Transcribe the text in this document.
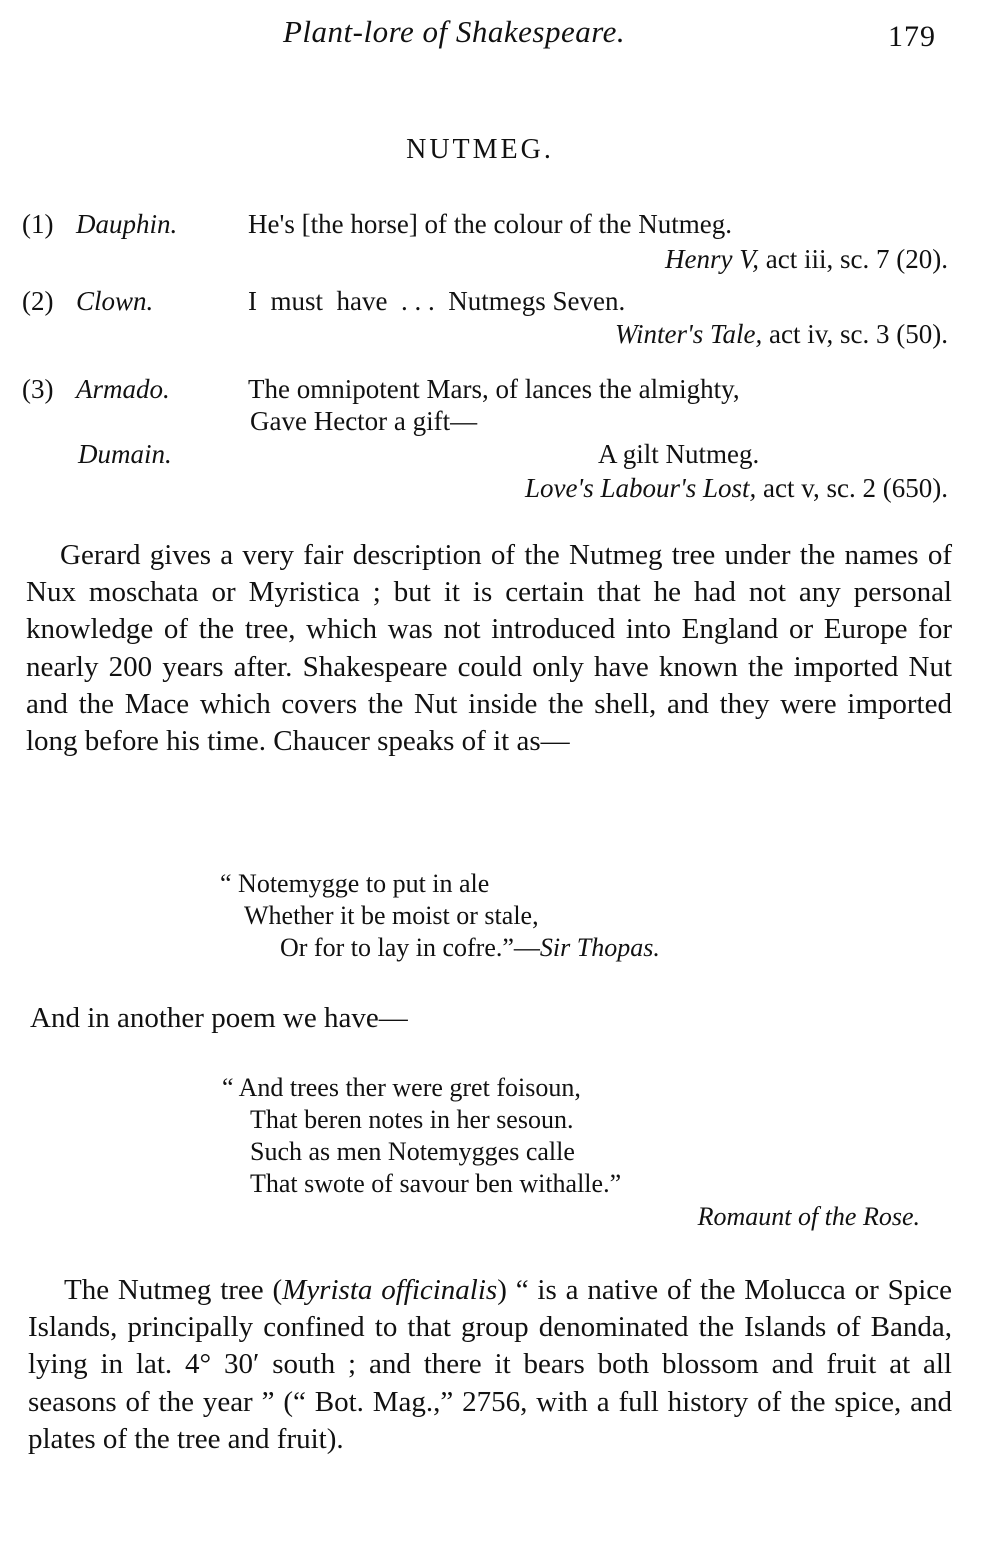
Plant-lore of Shakespeare.	179
NUTMEG.
(1) Dauphin.	He's [the horse] of the colour of the Nutmeg.
Henry V, act iii, sc. 7 (20).
(2) Clown.	I  must  have  . . .  Nutmegs Seven.
Winter's Tale, act iv, sc. 3 (50).
(3) Armado.	The omnipotent Mars, of lances the almighty,
Gave Hector a gift—
Dumain.	A gilt Nutmeg.
Love's Labour's Lost, act v, sc. 2 (650).
Gerard gives a very fair description of the Nutmeg tree under the names of Nux moschata or Myristica ; but it is certain that he had not any personal knowledge of the tree, which was not introduced into England or Europe for nearly 200 years after. Shakespeare could only have known the imported Nut and the Mace which covers the Nut inside the shell, and they were imported long before his time. Chaucer speaks of it as—
“ Notemygge to put in ale
Whether it be moist or stale,
Or for to lay in cofre.”—Sir Thopas.
And in another poem we have—
“ And trees ther were gret foisoun,
That beren notes in her sesoun.
Such as men Notemygges calle
That swote of savour ben withalle.”
Romaunt of the Rose.
The Nutmeg tree (Myrista officinalis) “ is a native of the Molucca or Spice Islands, principally confined to that group denominated the Islands of Banda, lying in lat. 4° 30′ south ; and there it bears both blossom and fruit at all seasons of the year ” (“ Bot. Mag.,” 2756, with a full history of the spice, and plates of the tree and fruit).
